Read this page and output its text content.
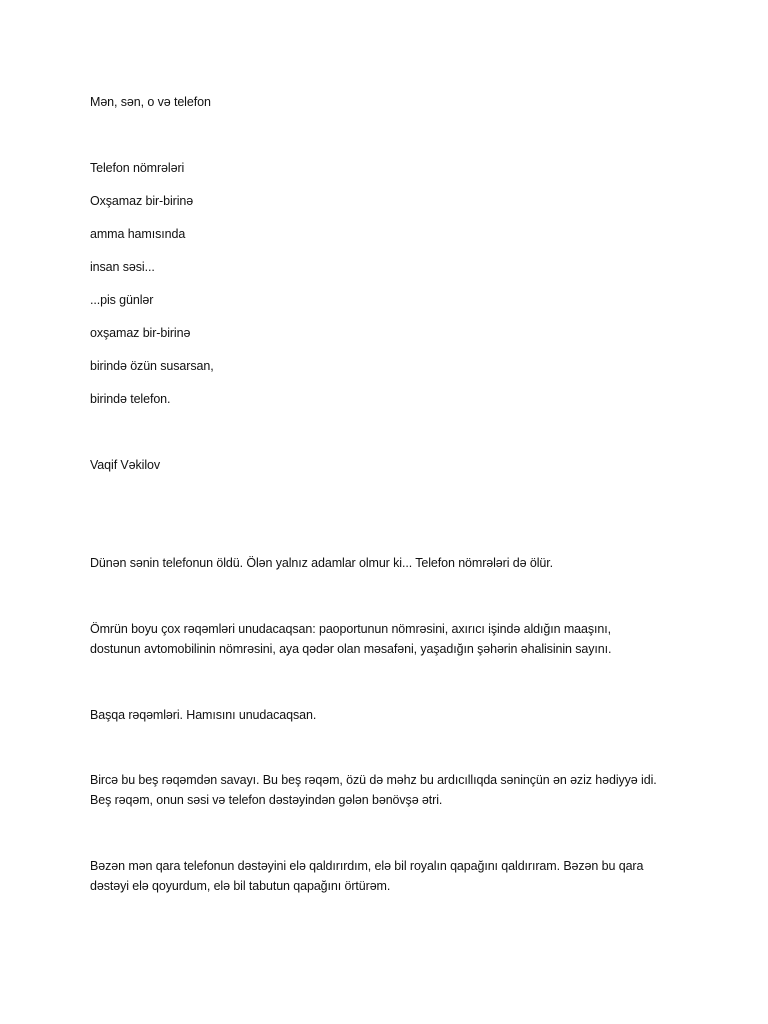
Mən, sən, o və telefon

Telefon nömrələri

Oxşamaz bir-birinə

amma hamısında

insan səsi...

...pis günlər

oxşamaz bir-birinə

birində özün susarsan,

birində telefon.

Vaqif Vəkilov

Dünən sənin telefonun öldü. Ölən yalnız adamlar olmur ki... Telefon nömrələri də ölür.
Ömrün boyu çox rəqəmləri unudacaqsan: paoportunun nömrəsini, axırıcı işində aldığın maaşını,
dostunun avtomobilinin nömrəsini, aya qədər olan məsafəni, yaşadığın şəhərin əhalisinin sayını.
Başqa rəqəmləri. Hamısını unudacaqsan.
Bircə bu beş rəqəmdən savayı. Bu beş rəqəm, özü də məhz bu ardıcıllıqda səninçün ən əziz hədiyyə idi.
Beş rəqəm, onun səsi və telefon dəstəyindən gələn bənövşə ətri.
Bəzən mən qara telefonun dəstəyini elə qaldırırdım, elə bil royalın qapağını qaldırıram. Bəzən bu qara
dəstəyi elə qoyurdum, elə bil tabutun qapağını örtürəm.
